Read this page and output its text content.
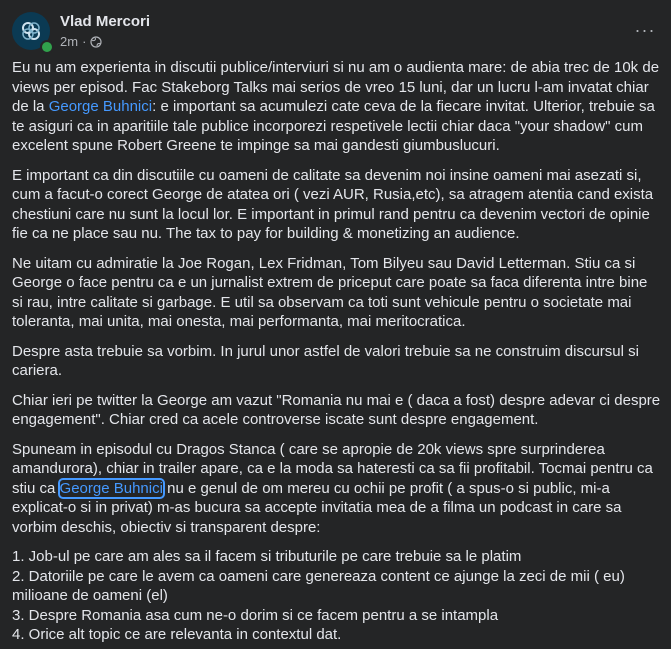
Vlad Mercori
2m ·
···

Eu nu am experienta in discutii publice/interviuri si nu am o audienta mare: de abia trec de 10k de views per episod. Fac Stakeborg Talks mai serios de vreo 15 luni, dar un lucru l-am invatat chiar de la George Buhnici: e important sa acumulezi cate ceva de la fiecare invitat. Ulterior, trebuie sa te asiguri ca in aparitiile tale publice incorporezi respetivele lectii chiar daca "your shadow" cum excelent spune Robert Greene te impinge sa mai gandesti giumbuslucuri.

E important ca din discutiile cu oameni de calitate sa devenim noi insine oameni mai asezati si, cum a facut-o corect George de atatea ori ( vezi AUR, Rusia,etc), sa atragem atentia cand exista chestiuni care nu sunt la locul lor. E important in primul rand pentru ca devenim vectori de opinie fie ca ne place sau nu. The tax to pay for building & monetizing an audience.

Ne uitam cu admiratie la Joe Rogan, Lex Fridman, Tom Bilyeu sau David Letterman. Stiu ca si George o face pentru ca e un jurnalist extrem de priceput care poate sa faca diferenta intre bine si rau, intre calitate si garbage. E util sa observam ca toti sunt vehicule pentru o societate mai toleranta, mai unita, mai onesta, mai performanta, mai meritocratica.

Despre asta trebuie sa vorbim. In jurul unor astfel de valori trebuie sa ne construim discursul si cariera.

Chiar ieri pe twitter la George am vazut "Romania nu mai e ( daca a fost) despre adevar ci despre engagement". Chiar cred ca acele controverse iscate sunt despre engagement.

Spuneam in episodul cu Dragos Stanca ( care se apropie de 20k views spre surprinderea amandurora), chiar in trailer apare, ca e la moda sa hateresti ca sa fii profitabil. Tocmai pentru ca stiu ca George Buhnici nu e genul de om mereu cu ochii pe profit ( a spus-o si public, mi-a explicat-o si in privat) m-as bucura sa accepte invitatia mea de a filma un podcast in care sa vorbim deschis, obiectiv si transparent despre:

1. Job-ul pe care am ales sa il facem si tributurile pe care trebuie sa le platim
2. Datoriile pe care le avem ca oameni care genereaza content ce ajunge la zeci de mii ( eu) milioane de oameni (el)
3. Despre Romania asa cum ne-o dorim si ce facem pentru a se intampla
4. Orice alt topic ce are relevanta in contextul dat.
